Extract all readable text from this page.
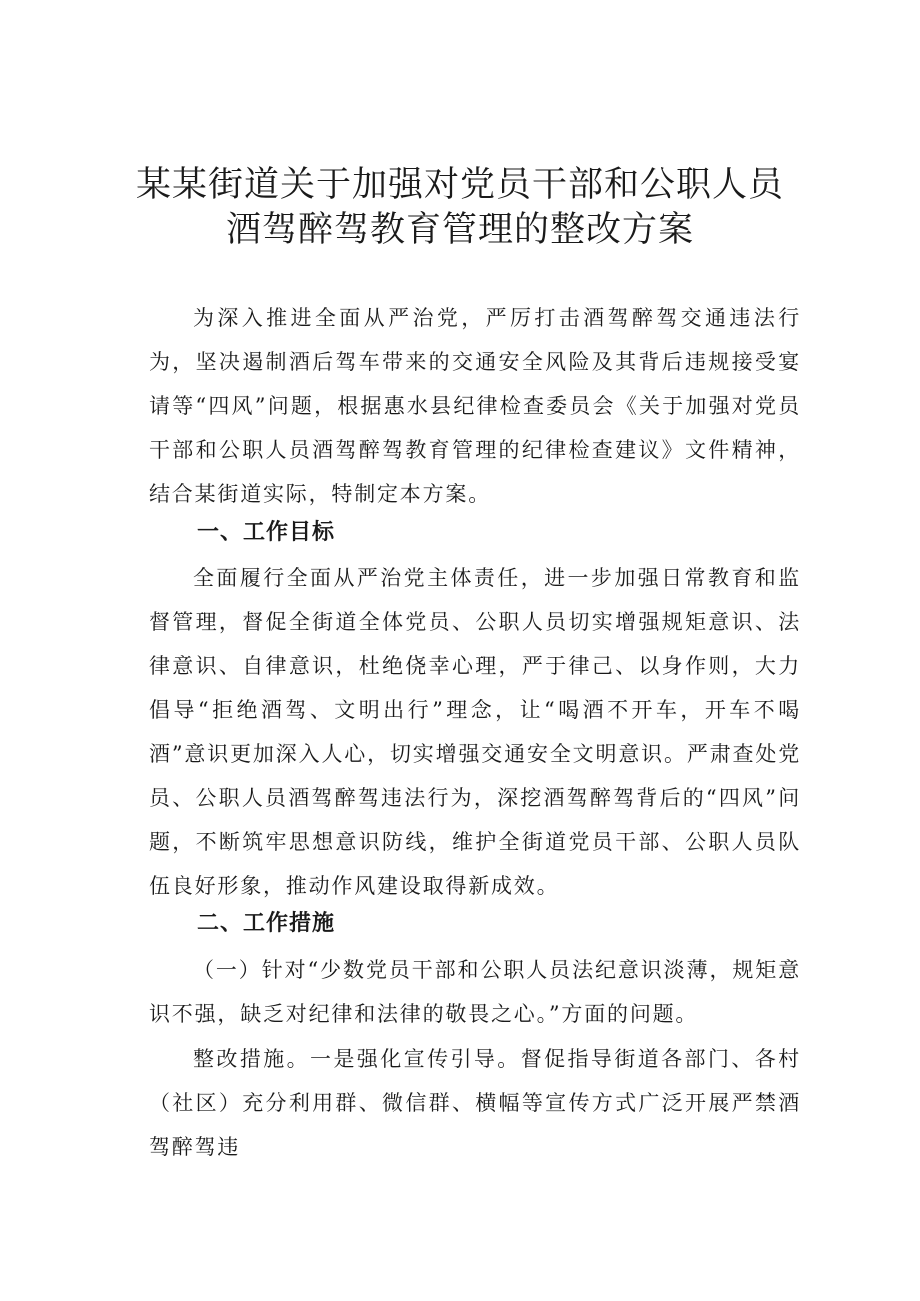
某某街道关于加强对党员干部和公职人员
酒驾醉驾教育管理的整改方案

为深入推进全面从严治党，严厉打击酒驾醉驾交通违法行为，坚决遏制酒后驾车带来的交通安全风险及其背后违规接受宴请等“四风”问题，根据惠水县纪律检查委员会《关于加强对党员干部和公职人员酒驾醉驾教育管理的纪律检查建议》文件精神，结合某街道实际，特制定本方案。

一、工作目标

全面履行全面从严治党主体责任，进一步加强日常教育和监督管理，督促全街道全体党员、公职人员切实增强规矩意识、法律意识、自律意识，杜绝侥幸心理，严于律己、以身作则，大力倡导“拒绝酒驾、文明出行”理念，让“喝酒不开车，开车不喝酒”意识更加深入人心，切实增强交通安全文明意识。严肃查处党员、公职人员酒驾醉驾违法行为，深挖酒驾醉驾背后的“四风”问题，不断筑牢思想意识防线，维护全街道党员干部、公职人员队伍良好形象，推动作风建设取得新成效。

二、工作措施

（一）针对“少数党员干部和公职人员法纪意识淡薄，规矩意识不强，缺乏对纪律和法律的敬畏之心。”方面的问题。

整改措施。一是强化宣传引导。督促指导街道各部门、各村（社区）充分利用群、微信群、横幅等宣传方式广泛开展严禁酒驾醉驾违
